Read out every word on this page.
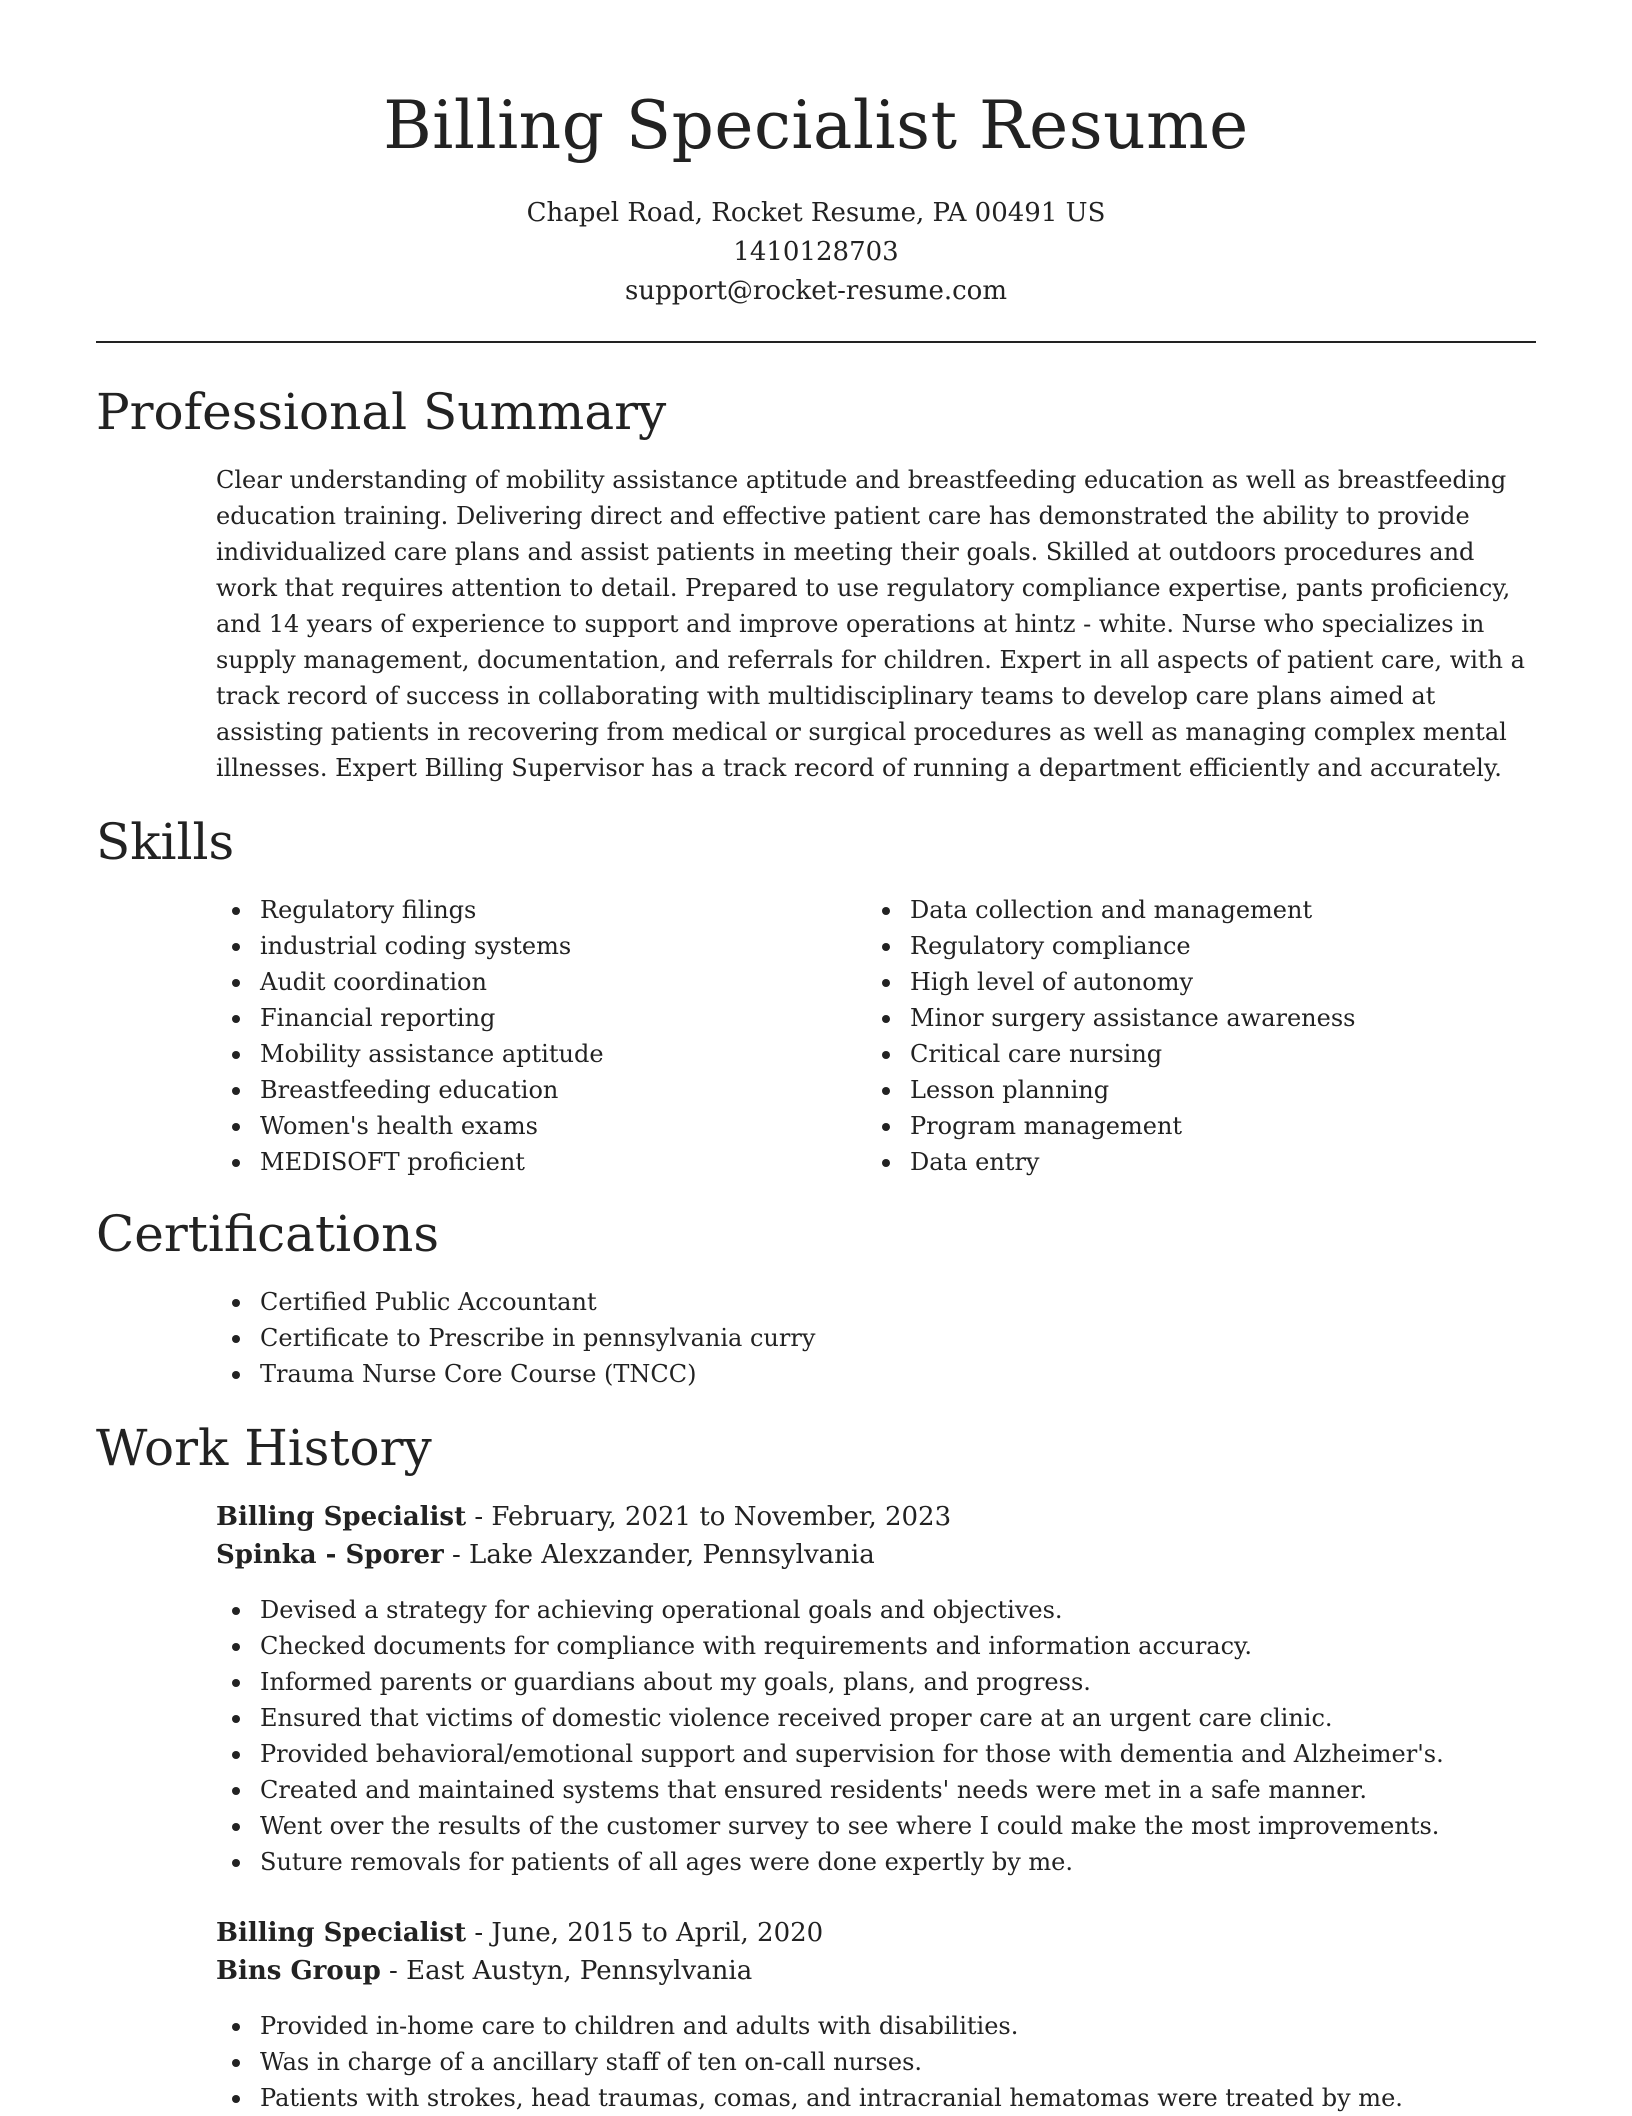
Billing Specialist Resume
Chapel Road, Rocket Resume, PA 00491 US
1410128703
support@rocket-resume.com
Professional Summary

Clear understanding of mobility assistance aptitude and breastfeeding education as well as breastfeeding education training. Delivering direct and effective patient care has demonstrated the ability to provide individualized care plans and assist patients in meeting their goals. Skilled at outdoors procedures and work that requires attention to detail. Prepared to use regulatory compliance expertise, pants proficiency, and 14 years of experience to support and improve operations at hintz - white. Nurse who specializes in supply management, documentation, and referrals for children. Expert in all aspects of patient care, with a track record of success in collaborating with multidisciplinary teams to develop care plans aimed at assisting patients in recovering from medical or surgical procedures as well as managing complex mental illnesses. Expert Billing Supervisor has a track record of running a department efficiently and accurately.

Skills
Regulatory filings
industrial coding systems
Audit coordination
Financial reporting
Mobility assistance aptitude
Breastfeeding education
Women's health exams
MEDISOFT proficient
Data collection and management
Regulatory compliance
High level of autonomy
Minor surgery assistance awareness
Critical care nursing
Lesson planning
Program management
Data entry
Certifications
Certified Public Accountant
Certificate to Prescribe in pennsylvania curry
Trauma Nurse Core Course (TNCC)
Work History
Billing Specialist - February, 2021 to November, 2023
Spinka - Sporer - Lake Alexzander, Pennsylvania
Devised a strategy for achieving operational goals and objectives.
Checked documents for compliance with requirements and information accuracy.
Informed parents or guardians about my goals, plans, and progress.
Ensured that victims of domestic violence received proper care at an urgent care clinic.
Provided behavioral/emotional support and supervision for those with dementia and Alzheimer's.
Created and maintained systems that ensured residents' needs were met in a safe manner.
Went over the results of the customer survey to see where I could make the most improvements.
Suture removals for patients of all ages were done expertly by me.
Billing Specialist - June, 2015 to April, 2020
Bins Group - East Austyn, Pennsylvania
Provided in-home care to children and adults with disabilities.
Was in charge of a ancillary staff of ten on-call nurses.
Patients with strokes, head traumas, comas, and intracranial hematomas were treated by me.
